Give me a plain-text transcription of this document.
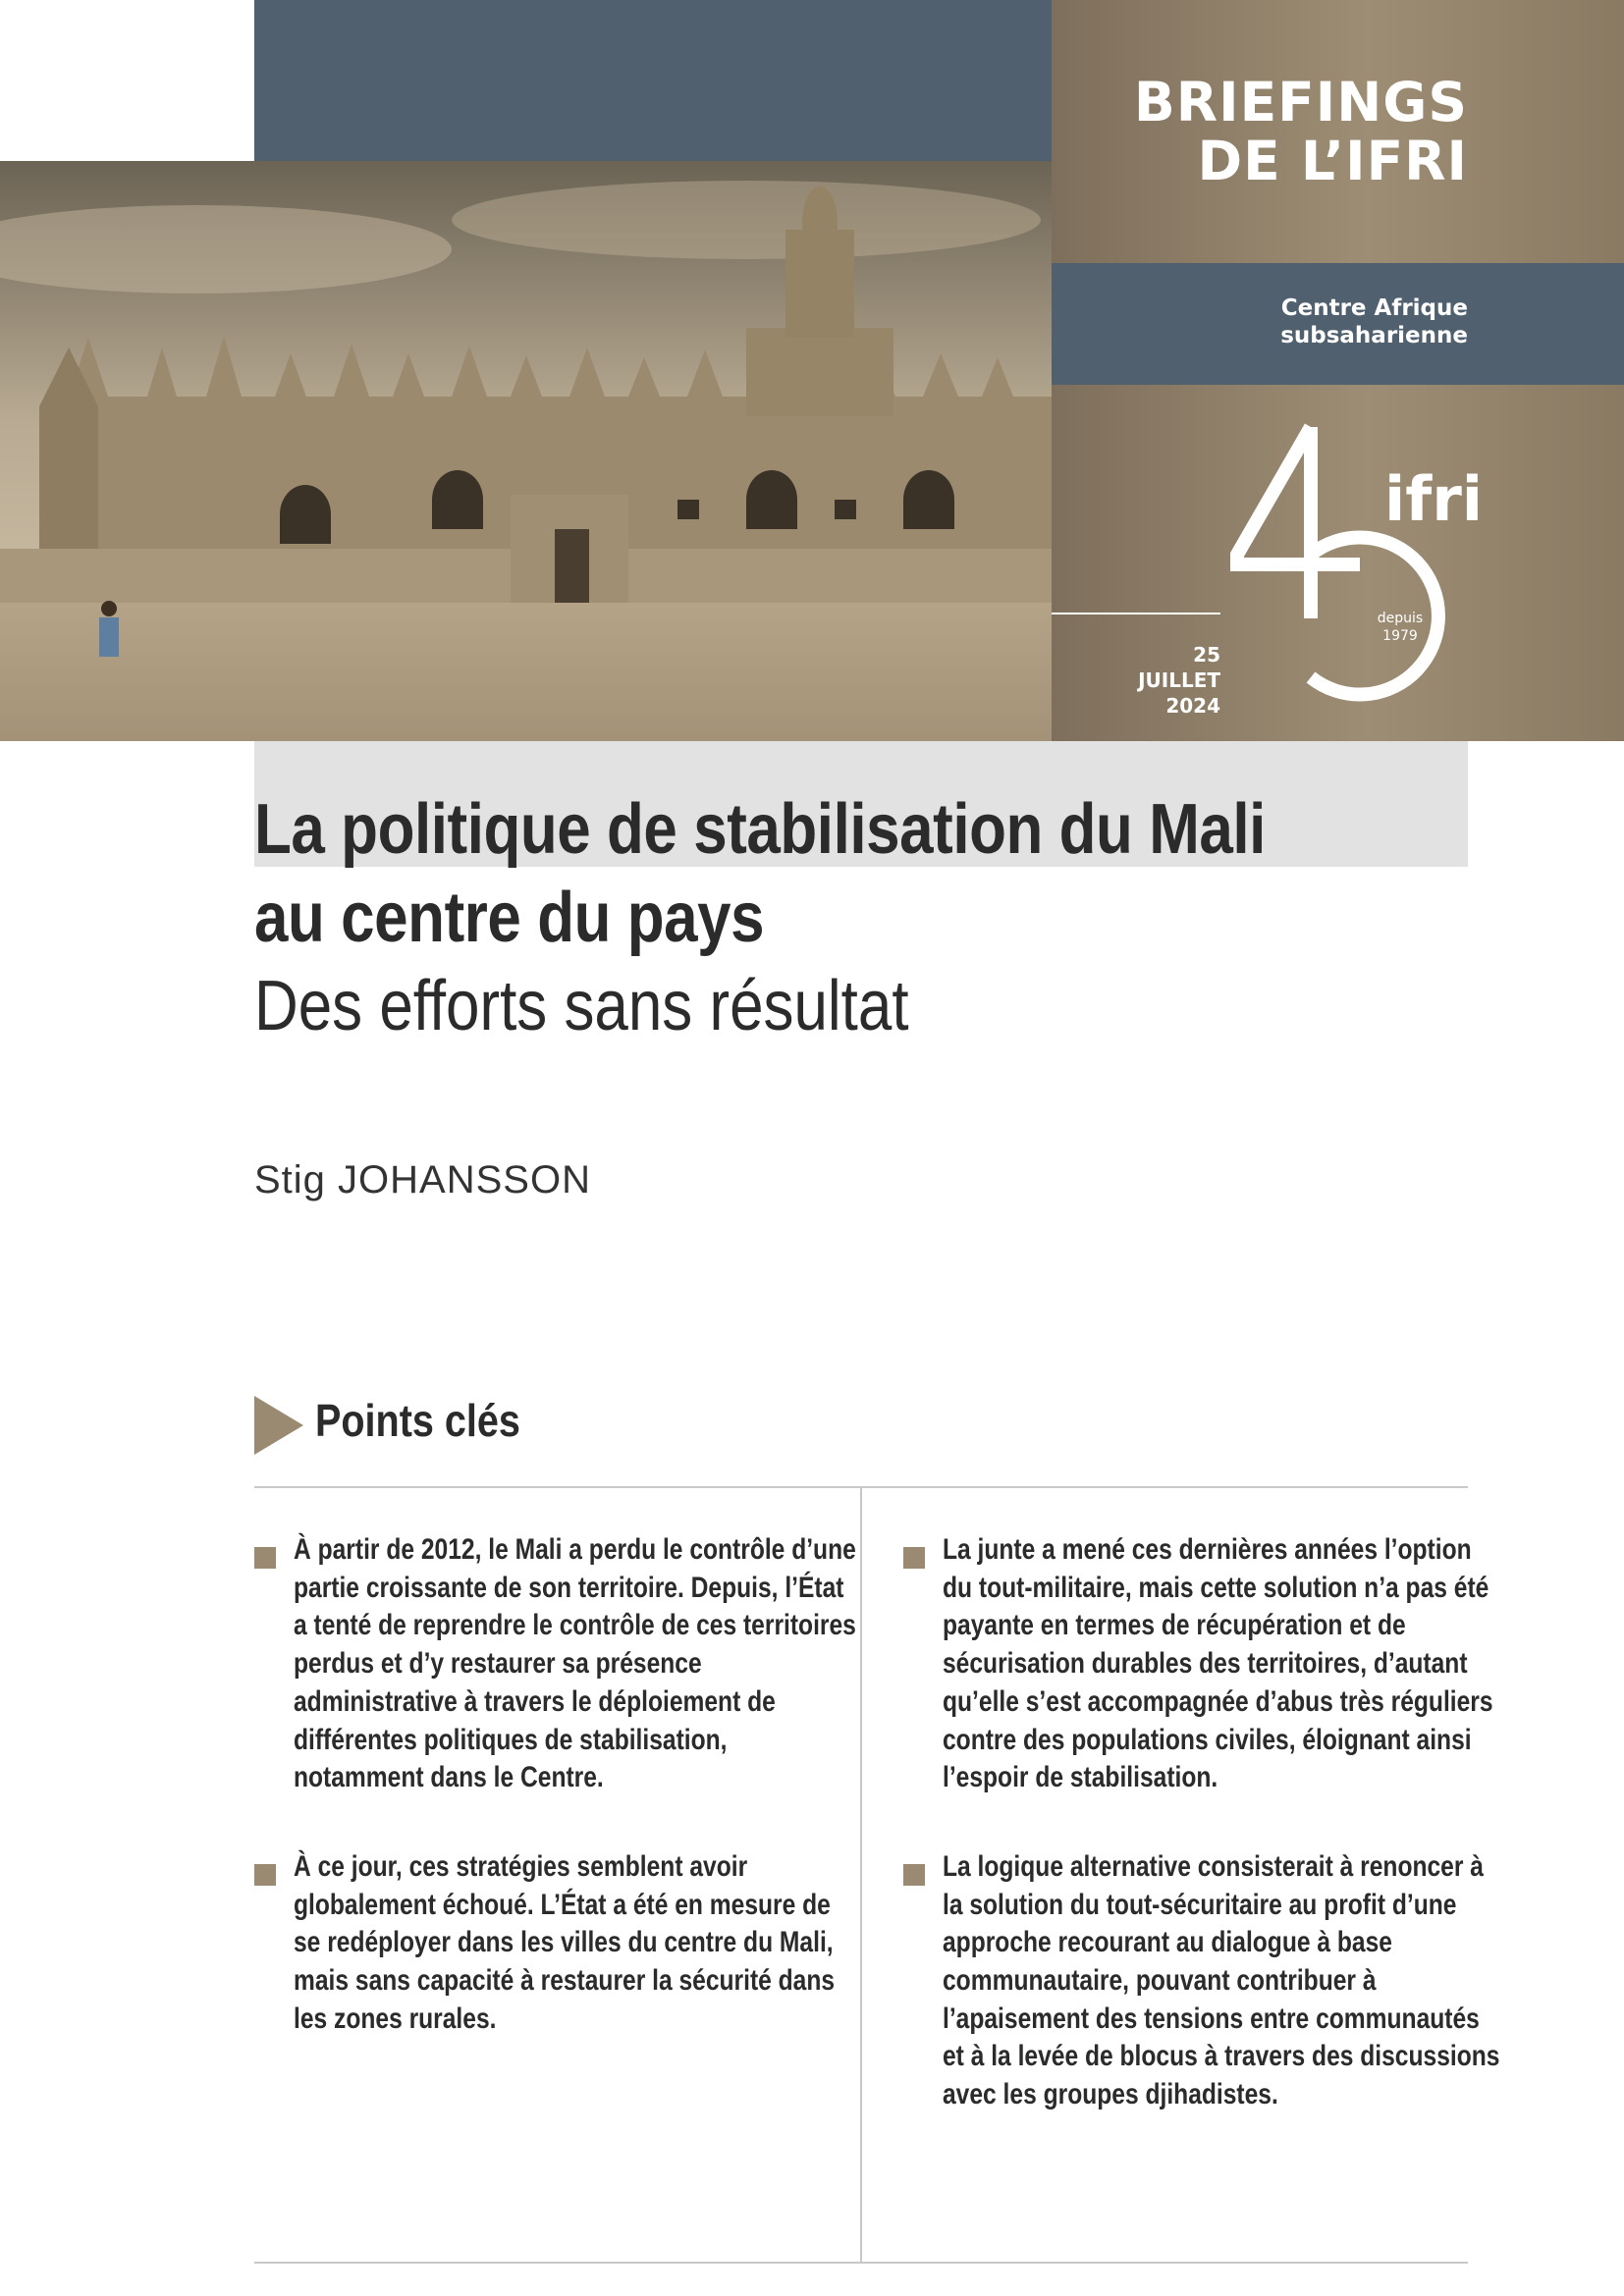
BRIEFINGS
DE L’IFRI
Centre Afrique
subsaharienne
25
JUILLET
2024
ifri
depuis
1979
La politique de stabilisation du Mali
au centre du pays
Des efforts sans résultat
Stig JOHANSSON
Points clés
À partir de 2012, le Mali a perdu le contrôle d’une partie croissante de son territoire. Depuis, l’État a tenté de reprendre le contrôle de ces territoires perdus et d’y restaurer sa présence administrative à travers le déploiement de différentes politiques de stabilisation, notamment dans le Centre.
À ce jour, ces stratégies semblent avoir globalement échoué. L’État a été en mesure de se redéployer dans les villes du centre du Mali, mais sans capacité à restaurer la sécurité dans les zones rurales.
La junte a mené ces dernières années l’option du tout-militaire, mais cette solution n’a pas été payante en termes de récupération et de sécurisation durables des territoires, d’autant qu’elle s’est accompagnée d’abus très réguliers contre des populations civiles, éloignant ainsi l’espoir de stabilisation.
La logique alternative consisterait à renoncer à la solution du tout-sécuritaire au profit d’une approche recourant au dialogue à base communautaire, pouvant contribuer à l’apaisement des tensions entre communautés et à la levée de blocus à travers des discussions avec les groupes djihadistes.
